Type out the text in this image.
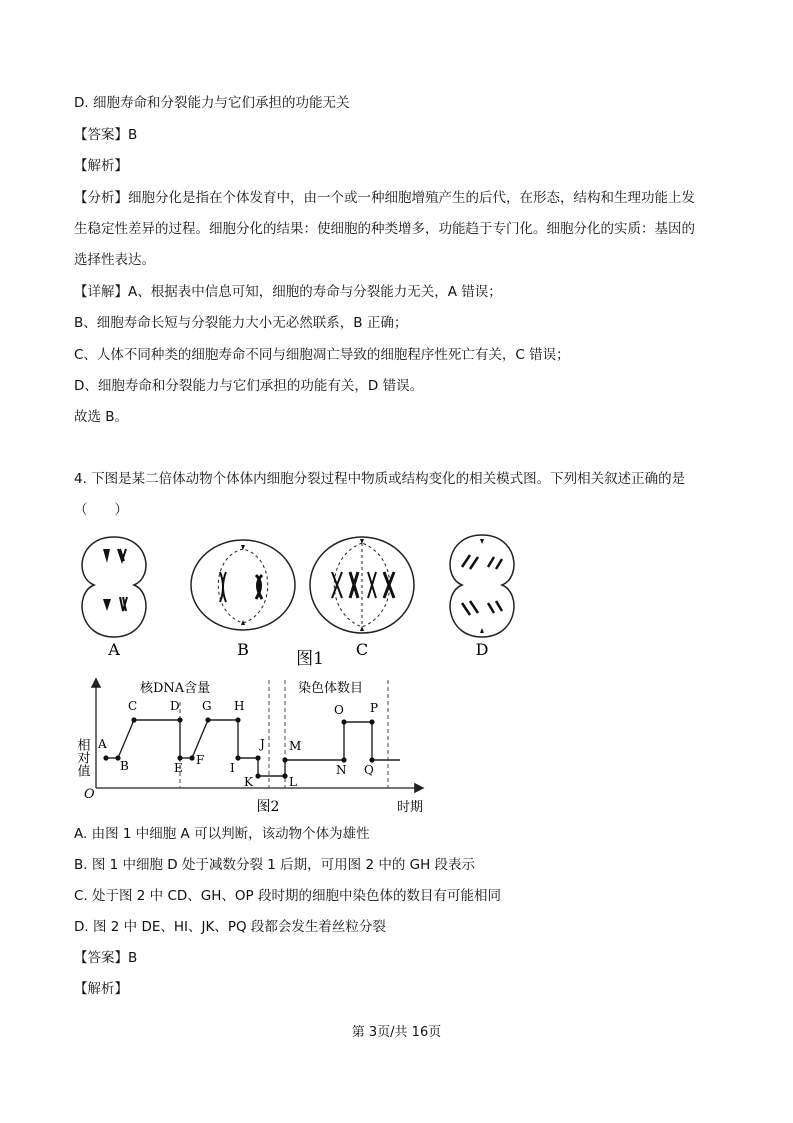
D. 细胞寿命和分裂能力与它们承担的功能无关
【答案】B
【解析】
【分析】细胞分化是指在个体发育中，由一个或一种细胞增殖产生的后代，在形态，结构和生理功能上发
生稳定性差异的过程。细胞分化的结果：使细胞的种类增多，功能趋于专门化。细胞分化的实质：基因的
选择性表达。
【详解】A、根据表中信息可知，细胞的寿命与分裂能力无关，A 错误；
B、细胞寿命长短与分裂能力大小无必然联系，B 正确；
C、人体不同种类的细胞寿命不同与细胞凋亡导致的细胞程序性死亡有关，C 错误；
D、细胞寿命和分裂能力与它们承担的功能有关，D 错误。
故选 B。
4. 下图是某二倍体动物个体体内细胞分裂过程中物质或结构变化的相关模式图。下列相关叙述正确的是
（　　）
A	B	C	D
图1
相对值
O
核DNA含量	染色体数目
A
B
C	D
E
F
G H
I
J
K	L
M
N
O P
Q
图2	时期
A. 由图 1 中细胞 A 可以判断，该动物个体为雄性
B. 图 1 中细胞 D 处于减数分裂 1 后期，可用图 2 中的 GH 段表示
C. 处于图 2 中 CD、GH、OP 段时期的细胞中染色体的数目有可能相同
D. 图 2 中 DE、HI、JK、PQ 段都会发生着丝粒分裂
【答案】B
【解析】
第 3页/共 16页
